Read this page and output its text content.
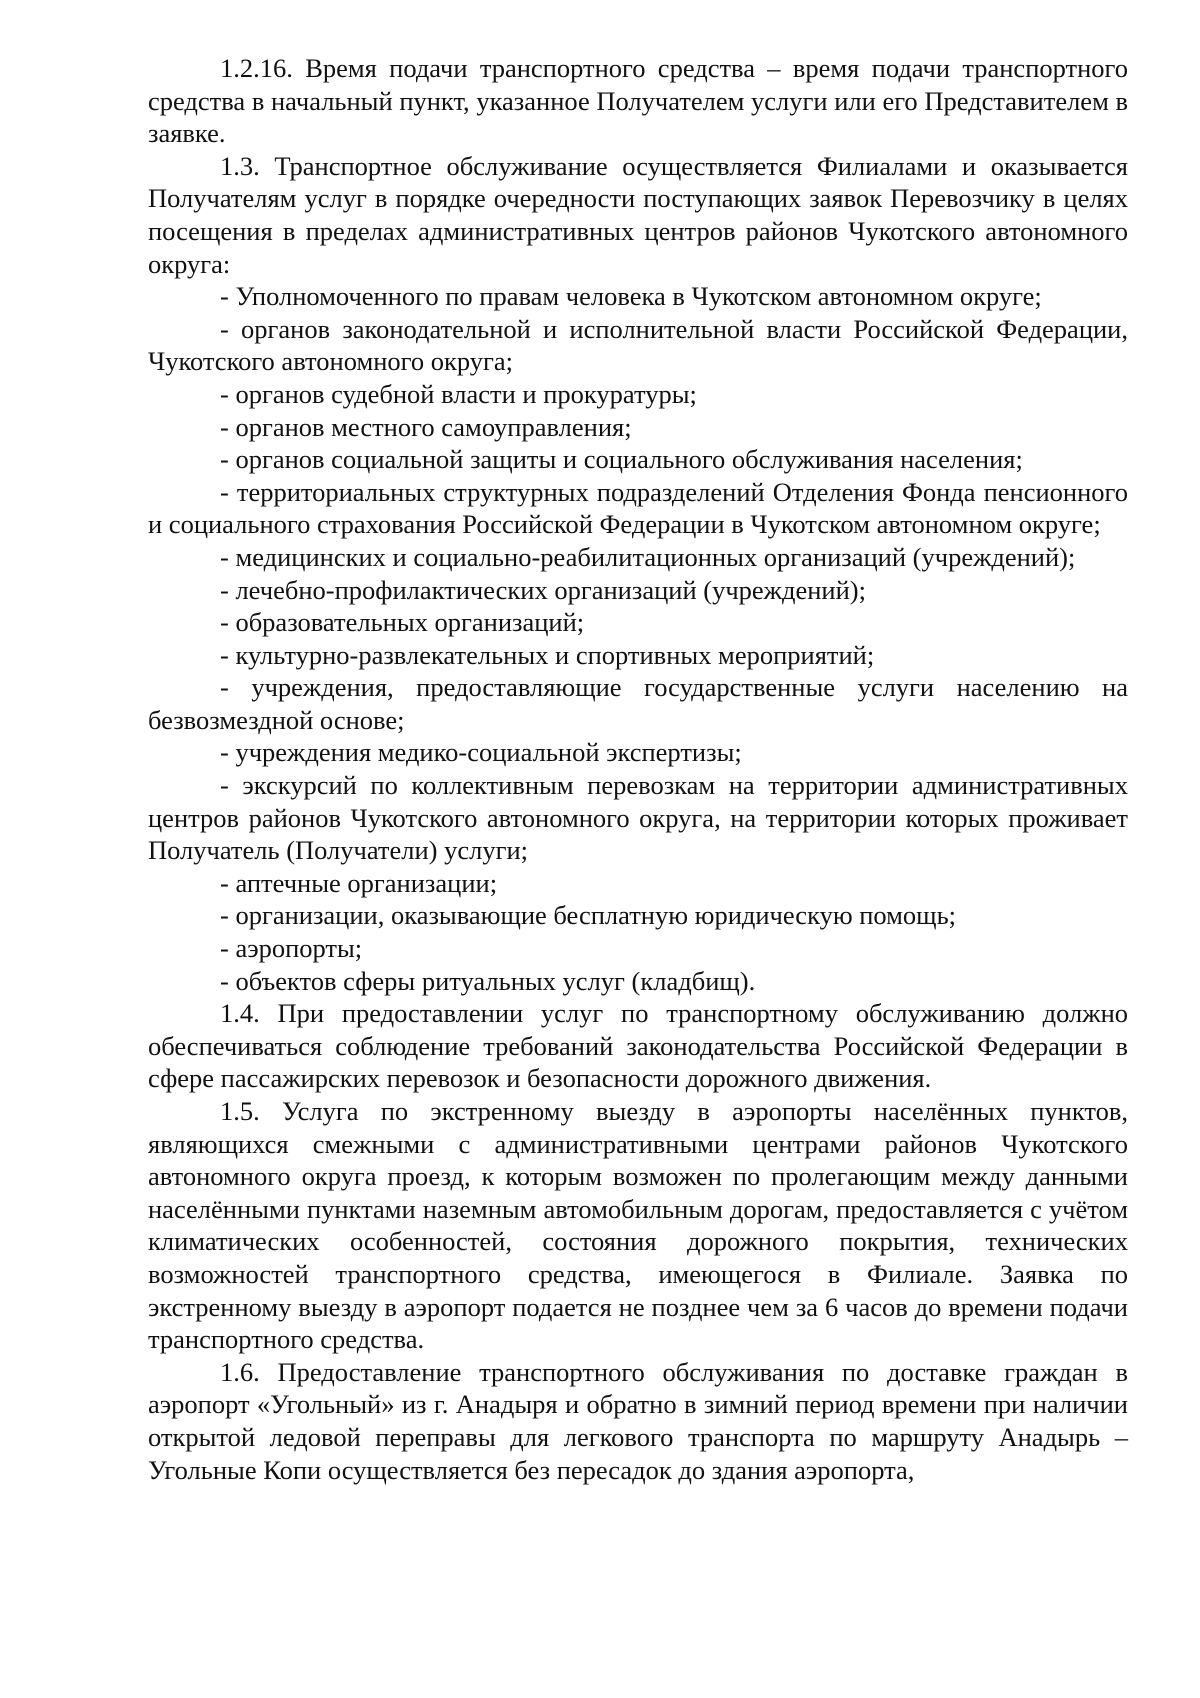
1.2.16. Время подачи транспортного средства – время подачи транспортного средства в начальный пункт, указанное Получателем услуги или его Представителем в заявке.

1.3. Транспортное обслуживание осуществляется Филиалами и оказывается Получателям услуг в порядке очередности поступающих заявок Перевозчику в целях посещения в пределах административных центров районов Чукотского автономного округа:

- Уполномоченного по правам человека в Чукотском автономном округе;

- органов законодательной и исполнительной власти Российской Федерации, Чукотского автономного округа;

- органов судебной власти и прокуратуры;

- органов местного самоуправления;

- органов социальной защиты и социального обслуживания населения;

- территориальных структурных подразделений Отделения Фонда пенсионного и социального страхования Российской Федерации в Чукотском автономном округе;

- медицинских и социально-реабилитационных организаций (учреждений);

- лечебно-профилактических организаций (учреждений);

- образовательных организаций;

- культурно-развлекательных и спортивных мероприятий;

- учреждения, предоставляющие государственные услуги населению на безвозмездной основе;

- учреждения медико-социальной экспертизы;

- экскурсий по коллективным перевозкам на территории административных центров районов Чукотского автономного округа, на территории которых проживает Получатель (Получатели) услуги;

- аптечные организации;

- организации, оказывающие бесплатную юридическую помощь;

- аэропорты;

- объектов сферы ритуальных услуг (кладбищ).

1.4. При предоставлении услуг по транспортному обслуживанию должно обеспечиваться соблюдение требований законодательства Российской Федерации в сфере пассажирских перевозок и безопасности дорожного движения.

1.5. Услуга по экстренному выезду в аэропорты населённых пунктов, являющихся смежными с административными центрами районов Чукотского автономного округа проезд, к которым возможен по пролегающим между данными населёнными пунктами наземным автомобильным дорогам, предоставляется с учётом климатических особенностей, состояния дорожного покрытия, технических возможностей транспортного средства, имеющегося в Филиале. Заявка по экстренному выезду в аэропорт подается не позднее чем за 6 часов до времени подачи транспортного средства.

1.6. Предоставление транспортного обслуживания по доставке граждан в аэропорт «Угольный» из г. Анадыря и обратно в зимний период времени при наличии открытой ледовой переправы для легкового транспорта по маршруту Анадырь – Угольные Копи осуществляется без пересадок до здания аэропорта,
